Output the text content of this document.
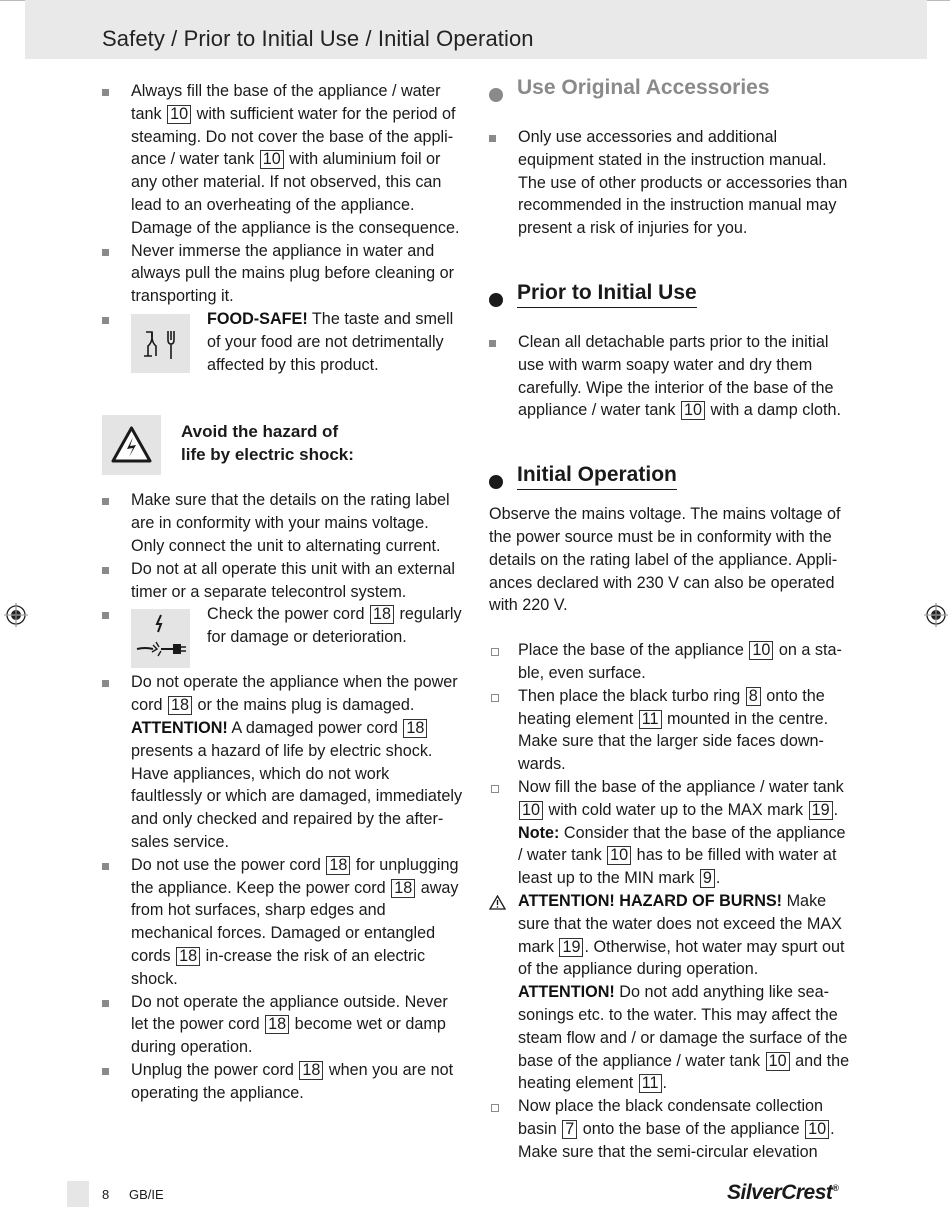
Safety / Prior to Initial Use / Initial Operation
Always fill the base of the appliance / water tank 10 with sufficient water for the period of steaming. Do not cover the base of the appli-ance / water tank 10 with aluminium foil or any other material. If not observed, this can lead to an overheating of the appliance. Damage of the appliance is the consequence.
Never immerse the appliance in water and always pull the mains plug before cleaning or transporting it.
FOOD-SAFE! The taste and smell of your food are not detrimentally affected by this product.
Avoid the hazard of
life by electric shock:
Make sure that the details on the rating label are in conformity with your mains voltage. Only connect the unit to alternating current.
Do not at all operate this unit with an external timer or a separate telecontrol system.
Check the power cord 18 regularly for damage or deterioration.
Do not operate the appliance when the power cord 18 or the mains plug is damaged. ATTENTION! A damaged power cord 18 presents a hazard of life by electric shock. Have appliances, which do not work faultlessly or which are damaged, immediately and only checked and repaired by the after-sales service.
Do not use the power cord 18 for unplugging the appliance. Keep the power cord 18 away from hot surfaces, sharp edges and mechanical forces. Damaged or entangled cords 18 in-crease the risk of an electric shock.
Do not operate the appliance outside. Never let the power cord 18 become wet or damp during operation.
Unplug the power cord 18 when you are not operating the appliance.
Use Original Accessories
Only use accessories and additional equipment stated in the instruction manual. The use of other products or accessories than recommended in the instruction manual may present a risk of injuries for you.
Prior to Initial Use
Clean all detachable parts prior to the initial use with warm soapy water and dry them carefully. Wipe the interior of the base of the appliance / water tank 10 with a damp cloth.
Initial Operation
Observe the mains voltage. The mains voltage of the power source must be in conformity with the details on the rating label of the appliance. Appli-ances declared with 230 V can also be operated with 220 V.
Place the base of the appliance 10 on a sta-ble, even surface.
Then place the black turbo ring 8 onto the heating element 11 mounted in the centre. Make sure that the larger side faces down-wards.
Now fill the base of the appliance / water tank 10 with cold water up to the MAX mark 19 . Note: Consider that the base of the appliance / water tank 10 has to be filled with water at least up to the MIN mark 9 .
ATTENTION! HAZARD OF BURNS! Make sure that the water does not exceed the MAX mark 19 . Otherwise, hot water may spurt out of the appliance during operation. ATTENTION! Do not add anything like sea-sonings etc. to the water. This may affect the steam flow and / or damage the surface of the base of the appliance / water tank 10 and the heating element 11 .
Now place the black condensate collection basin 7 onto the base of the appliance 10 . Make sure that the semi-circular elevation
8 GB/IE	SilverCrest®
